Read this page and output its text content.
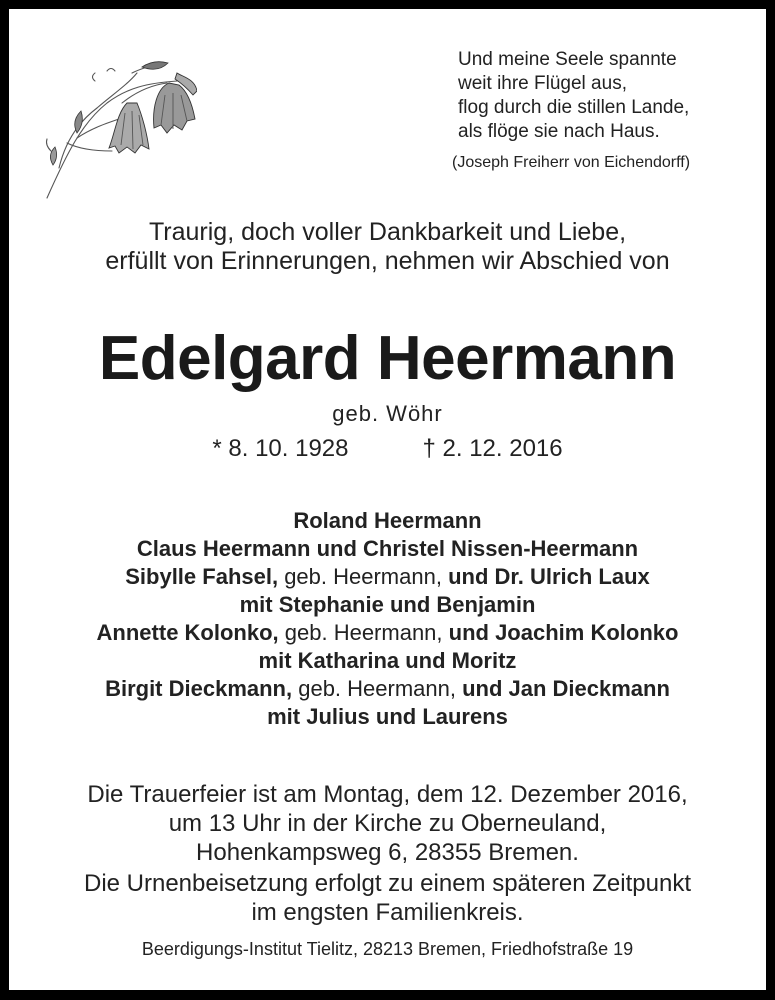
Und meine Seele spannte
weit ihre Flügel aus,
flog durch die stillen Lande,
als flöge sie nach Haus.
(Joseph Freiherr von Eichendorff)
Traurig, doch voller Dankbarkeit und Liebe,
erfüllt von Erinnerungen, nehmen wir Abschied von
Edelgard Heermann
geb. Wöhr
* 8. 10. 1928	† 2. 12. 2016
Roland Heermann
Claus Heermann und Christel Nissen-Heermann
Sibylle Fahsel, geb. Heermann, und Dr. Ulrich Laux
mit Stephanie und Benjamin
Annette Kolonko, geb. Heermann, und Joachim Kolonko
mit Katharina und Moritz
Birgit Dieckmann, geb. Heermann, und Jan Dieckmann
mit Julius und Laurens
Die Trauerfeier ist am Montag, dem 12. Dezember 2016,
um 13 Uhr in der Kirche zu Oberneuland,
Hohenkampsweg 6, 28355 Bremen.
Die Urnenbeisetzung erfolgt zu einem späteren Zeitpunkt
im engsten Familienkreis.
Beerdigungs-Institut Tielitz, 28213 Bremen, Friedhofstraße 19
